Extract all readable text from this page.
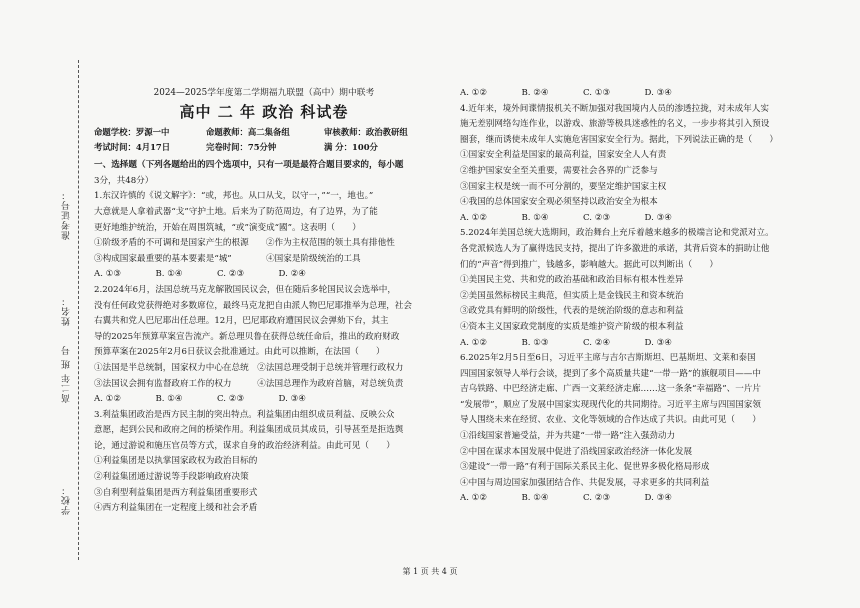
准考证号：
姓名：
高二年 班 号
学校：
2024—2025学年度第二学期福九联盟（高中）期中联考
高中 二 年 政治 科试卷
命题学校：罗源一中	命题教师：高二集备组	审核教师：政治教研组
考试时间：4月17日	完卷时间：75分钟	满 分：100分
一、选择题（下列各题给出的四个选项中，只有一项是最符合题目要求的，每小题
3分，共48分）
1.东汉许慎的《说文解字》：“或，邦也。从口从戈，以守一，”“一，地也。”
大意就是人拿着武器“戈”守护土地。后来为了防范周边，有了边界，为了能
更好地维护统治，开始在周围筑城，“或”演变成“國”。这表明（　　）
①阶级矛盾的不可调和是国家产生的根源　　②作为主权范围的领土具有排他性
③构成国家最重要的基本要素是“城”　　　　④国家是阶级统治的工具
A. ①③　　　　B. ①④　　　　C. ②③　　　　D. ②④
2.2024年6月，法国总统马克龙解散国民议会，但在随后多轮国民议会选举中，
没有任何政党获得绝对多数席位，最终马克龙把自由派人物巴尼耶推举为总理，社会
右翼共和党人巴尼耶出任总理。12月，巴尼耶政府遭国民议会弹劾下台，其主
导的2025年预算草案宣告流产。新总理贝鲁在获得总统任命后，推出的政府财政
预算草案在2025年2月6日获议会批准通过。由此可以推断，在法国（　　）
①法国是半总统制，国家权力中心在总统　②法国总理受制于总统并管理行政权力
③法国议会拥有监督政府工作的权力　　　④法国总理作为政府首脑，对总统负责
A. ①②　　　　B. ①④　　　　C. ②③　　　　D. ③④
3.利益集团政治是西方民主制的突出特点。利益集团由组织成员利益、反映公众
意愿，起到公民和政府之间的桥梁作用。利益集团成员其成员，引导甚至是拒选舆
论，通过游说和施压官员等方式，谋求自身的政治经济利益。由此可见（　　）
①利益集团是以执掌国家政权为政治目标的
②利益集团通过游说等手段影响政府决策
③自利型利益集团是西方利益集团重要形式
④西方利益集团在一定程度上缓和社会矛盾
A. ①②　　　　B. ②④　　　　C. ①③　　　　D. ③④
4.近年来，境外间谍情报机关不断加强对我国境内人员的渗透拉拢，对未成年人实
施无差别网络勾连作业，以游戏、旅游等极具迷惑性的名义，一步步将其引入预设
圈套，继而诱使未成年人实施危害国家安全行为。据此，下列说法正确的是（　　）
①国家安全利益是国家的最高利益，国家安全人人有责
②维护国家安全至关重要，需要社会各界的广泛参与
③国家主权是统一而不可分割的，要坚定维护国家主权
④我国的总体国家安全观必须坚持以政治安全为根本
A. ①②　　　　B. ①④　　　　C. ②③　　　　D. ③④
5.2024年美国总统大选期间，政治舞台上充斥着越来越多的极端言论和党派对立。
各党派候选人为了赢得选民支持，提出了许多激进的承诺，其背后资本的捐助让他
们的“声音”得到推广，钱越多，影响越大。据此可以判断出（　　）
①美国民主党、共和党的政治基础和政治目标有根本性差异
②美国虽然标榜民主典范，但实质上是金钱民主和资本统治
③政党具有鲜明的阶级性，代表的是统治阶级的意志和利益
④资本主义国家政党制度的实质是维护资产阶级的根本利益
A. ①②　　　　B. ①③　　　　C. ②④　　　　D. ③④
6.2025年2月5日至6日，习近平主席与吉尔吉斯斯坦、巴基斯坦、文莱和泰国
四国国家领导人举行会谈，提到了多个高质量共建“一带一路”的旗舰项目——中
吉乌铁路、中巴经济走廊、广西一文莱经济走廊……这一条条“幸福路”、一片片
“发展带”，顺应了发展中国家实现现代化的共同期待。习近平主席与四国国家领
导人围绕未来在经贸、农业、文化等领域的合作达成了共识。由此可见（　　）
①沿线国家普遍受益，并为共建“一带一路”注入强劲动力
②中国在谋求本国发展中促进了沿线国家政治经济一体化发展
③建设“一带一路”有利于国际关系民主化、促世界多极化格局形成
④中国与周边国家加强团结合作、共促发展，寻求更多的共同利益
A. ①②　　　　B. ①④　　　　C. ②③　　　　D. ③④
第 1 页 共 4 页
